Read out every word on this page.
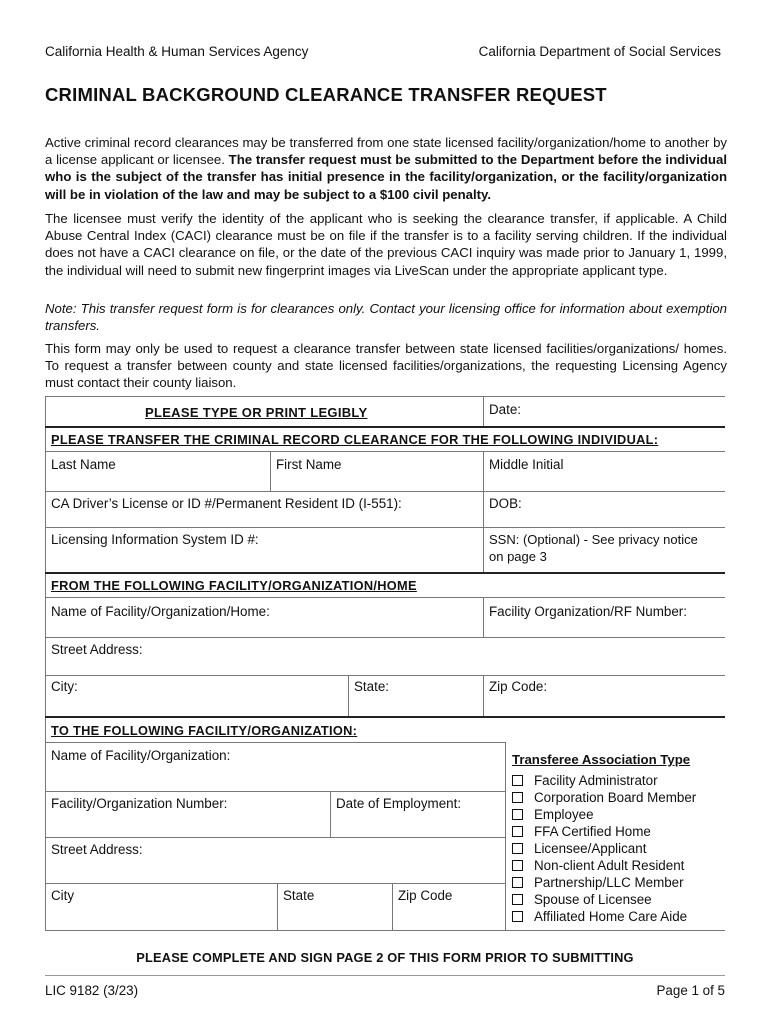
California Health & Human Services Agency	California Department of Social Services
CRIMINAL BACKGROUND CLEARANCE TRANSFER REQUEST

Active criminal record clearances may be transferred from one state licensed facility/organization/home to another by a license applicant or licensee. The transfer request must be submitted to the Department before the individual who is the subject of the transfer has initial presence in the facility/organization, or the facility/organization will be in violation of the law and may be subject to a $100 civil penalty.

The licensee must verify the identity of the applicant who is seeking the clearance transfer, if applicable. A Child Abuse Central Index (CACI) clearance must be on file if the transfer is to a facility serving children. If the individual does not have a CACI clearance on file, or the date of the previous CACI inquiry was made prior to January 1, 1999, the individual will need to submit new fingerprint images via LiveScan under the appropriate applicant type.

Note: This transfer request form is for clearances only. Contact your licensing office for information about exemption transfers.

This form may only be used to request a clearance transfer between state licensed facilities/organizations/ homes. To request a transfer between county and state licensed facilities/organizations, the requesting Licensing Agency must contact their county liaison.

PLEASE TYPE OR PRINT LEGIBLY	Date:
PLEASE TRANSFER THE CRIMINAL RECORD CLEARANCE FOR THE FOLLOWING INDIVIDUAL:
Last Name	First Name	Middle Initial
CA Driver’s License or ID #/Permanent Resident ID (I-551):	DOB:
Licensing Information System ID #:	SSN: (Optional) - See privacy notice
on page 3
FROM THE FOLLOWING FACILITY/ORGANIZATION/HOME
Name of Facility/Organization/Home:	Facility Organization/RF Number:
Street Address:
City:	State:	Zip Code:
TO THE FOLLOWING FACILITY/ORGANIZATION:
Name of Facility/Organization:
Facility/Organization Number:	Date of Employment:
Street Address:
City	State	Zip Code
Transferee Association Type
Facility Administrator
Corporation Board Member
Employee
FFA Certified Home
Licensee/Applicant
Non-client Adult Resident
Partnership/LLC Member
Spouse of Licensee
Affiliated Home Care Aide
PLEASE COMPLETE AND SIGN PAGE 2 OF THIS FORM PRIOR TO SUBMITTING
LIC 9182 (3/23)	Page 1 of 5
